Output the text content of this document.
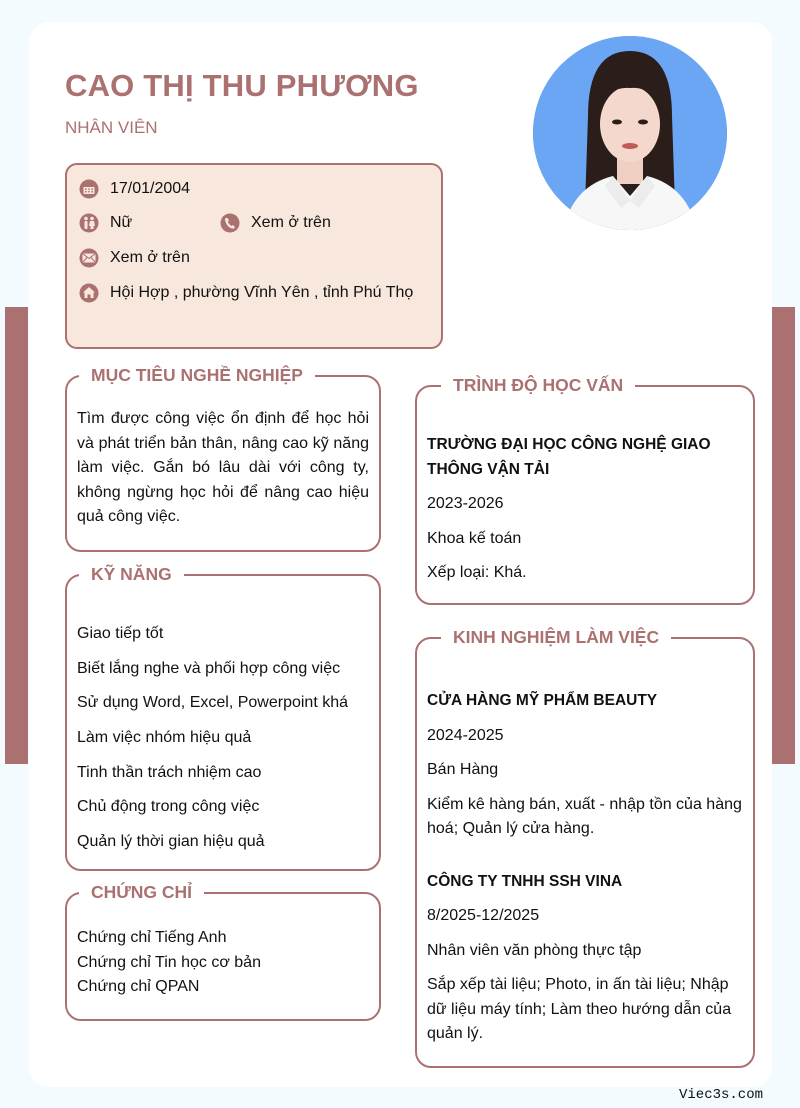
CAO THỊ THU PHƯƠNG
NHÂN VIÊN
17/01/2004
Nữ	Xem ở trên
Xem ở trên
Hội Hợp , phường Vĩnh Yên , tỉnh Phú Thọ
MỤC TIÊU NGHỀ NGHIỆP

Tìm được công việc ổn định để học hỏi và phát triển bản thân, nâng cao kỹ năng làm việc. Gắn bó lâu dài với công ty, không ngừng học hỏi để nâng cao hiệu quả công việc.

KỸ NĂNG
Giao tiếp tốt
Biết lắng nghe và phối hợp công việc
Sử dụng Word, Excel, Powerpoint khá
Làm việc nhóm hiệu quả
Tinh thần trách nhiệm cao
Chủ động trong công việc
Quản lý thời gian hiệu quả
CHỨNG CHỈ
Chứng chỉ Tiếng Anh
Chứng chỉ Tin học cơ bản
Chứng chỉ QPAN
TRÌNH ĐỘ HỌC VẤN
TRƯỜNG ĐẠI HỌC CÔNG NGHỆ GIAO THÔNG VẬN TẢI
2023-2026
Khoa kế toán
Xếp loại: Khá.
KINH NGHIỆM LÀM VIỆC
CỬA HÀNG MỸ PHẨM BEAUTY
2024-2025
Bán Hàng
Kiểm kê hàng bán, xuất - nhập tồn của hàng hoá; Quản lý cửa hàng.
CÔNG TY TNHH SSH VINA
8/2025-12/2025
Nhân viên văn phòng thực tập
Sắp xếp tài liệu; Photo, in ấn tài liệu; Nhập dữ liệu máy tính; Làm theo hướng dẫn của quản lý.
Viec3s.com
